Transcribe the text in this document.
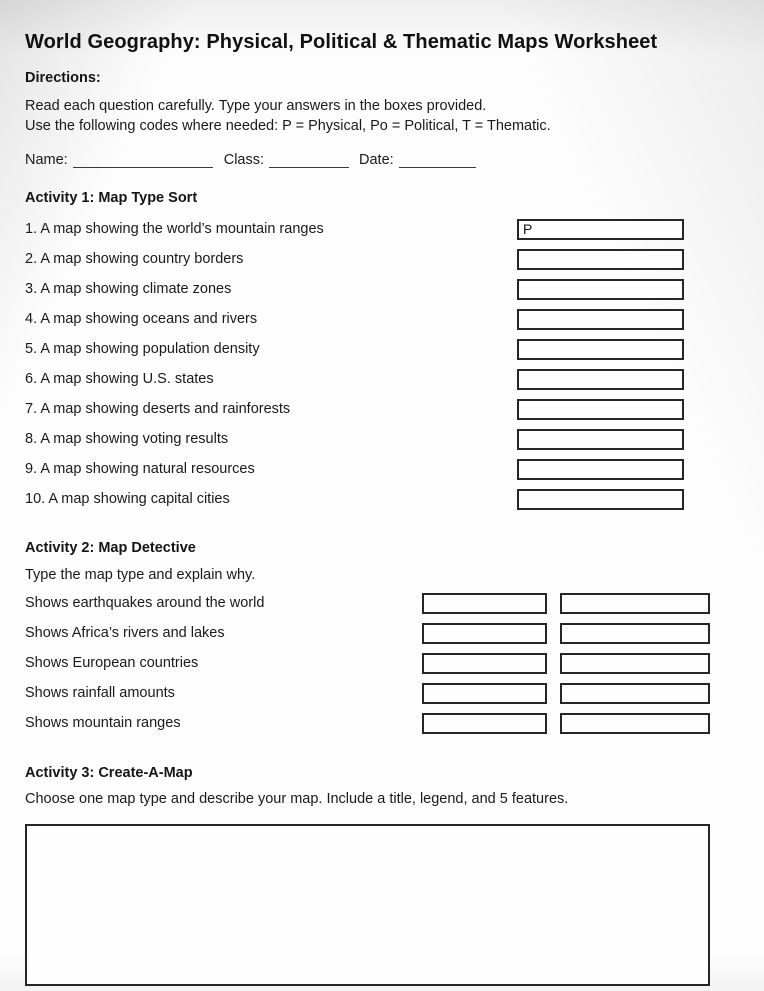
World Geography: Physical, Political & Thematic Maps Worksheet
Directions:
Read each question carefully. Type your answers in the boxes provided.
Use the following codes where needed: P = Physical, Po = Political, T = Thematic.
Name:	Class:	Date:
Activity 1: Map Type Sort
1. A map showing the world’s mountain ranges
P
2. A map showing country borders
3. A map showing climate zones
4. A map showing oceans and rivers
5. A map showing population density
6. A map showing U.S. states
7. A map showing deserts and rainforests
8. A map showing voting results
9. A map showing natural resources
10. A map showing capital cities
Activity 2: Map Detective
Type the map type and explain why.
Shows earthquakes around the world
Shows Africa’s rivers and lakes
Shows European countries
Shows rainfall amounts
Shows mountain ranges
Activity 3: Create-A-Map
Choose one map type and describe your map. Include a title, legend, and 5 features.
